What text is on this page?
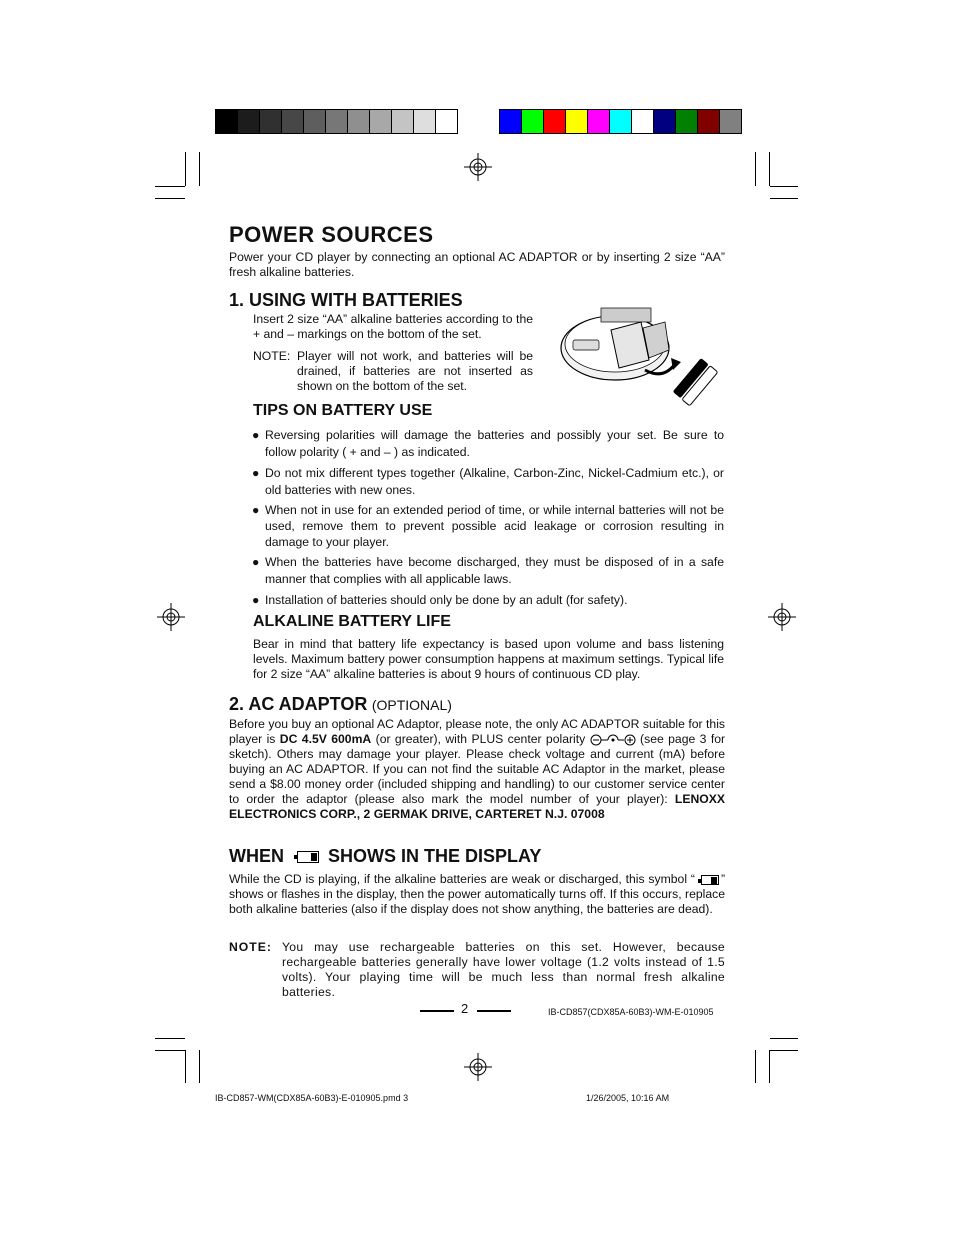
POWER SOURCES

Power your CD player by connecting an optional AC ADAPTOR or by inserting 2 size “AA” fresh alkaline batteries.

1. USING WITH BATTERIES

Insert 2 size “AA” alkaline batteries according to the + and – markings on the bottom of the set.

NOTE: Player will not work, and batteries will be drained, if batteries are not inserted as shown on the bottom of the set.

TIPS ON BATTERY USE
● Reversing polarities will damage the batteries and possibly your set. Be sure to follow polarity ( + and – ) as indicated.
● Do not mix different types together (Alkaline, Carbon-Zinc, Nickel-Cadmium etc.), or old batteries with new ones.
● When not in use for an extended period of time, or while internal batteries will not be used, remove them to prevent possible acid leakage or corrosion resulting in damage to your player.
● When the batteries have become discharged, they must be disposed of in a safe manner that complies with all applicable laws.
● Installation of batteries should only be done by an adult (for safety).
ALKALINE BATTERY LIFE

Bear in mind that battery life expectancy is based upon volume and bass listening levels. Maximum battery power consumption happens at maximum settings. Typical life for 2 size “AA” alkaline batteries is about 9 hours of continuous CD play.

2. AC ADAPTOR (OPTIONAL)

Before you buy an optional AC Adaptor, please note, the only AC ADAPTOR suitable for this player is DC 4.5V 600mA (or greater), with PLUS center polarity	(see page 3 for sketch). Others may damage your player. Please check voltage and current (mA) before buying an AC ADAPTOR. If you can not find the suitable AC Adaptor in the market, please send a $8.00 money order (included shipping and handling) to our customer service center to order the adaptor (please also mark the model number of your player): LENOXX ELECTRONICS CORP., 2 GERMAK DRIVE, CARTERET N.J. 07008

WHEN SHOWS IN THE DISPLAY

While the CD is playing, if the alkaline batteries are weak or discharged, this symbol “ ” shows or flashes in the display, then the power automatically turns off. If this occurs, replace both alkaline batteries (also if the display does not show anything, the batteries are dead).

NOTE: You may use rechargeable batteries on this set. However, because rechargeable batteries generally have lower voltage (1.2 volts instead of 1.5 volts). Your playing time will be much less than normal fresh alkaline batteries.

2	IB-CD857(CDX85A-60B3)-WM-E-010905
IB-CD857-WM(CDX85A-60B3)-E-010905.pmd 3	1/26/2005, 10:16 AM
